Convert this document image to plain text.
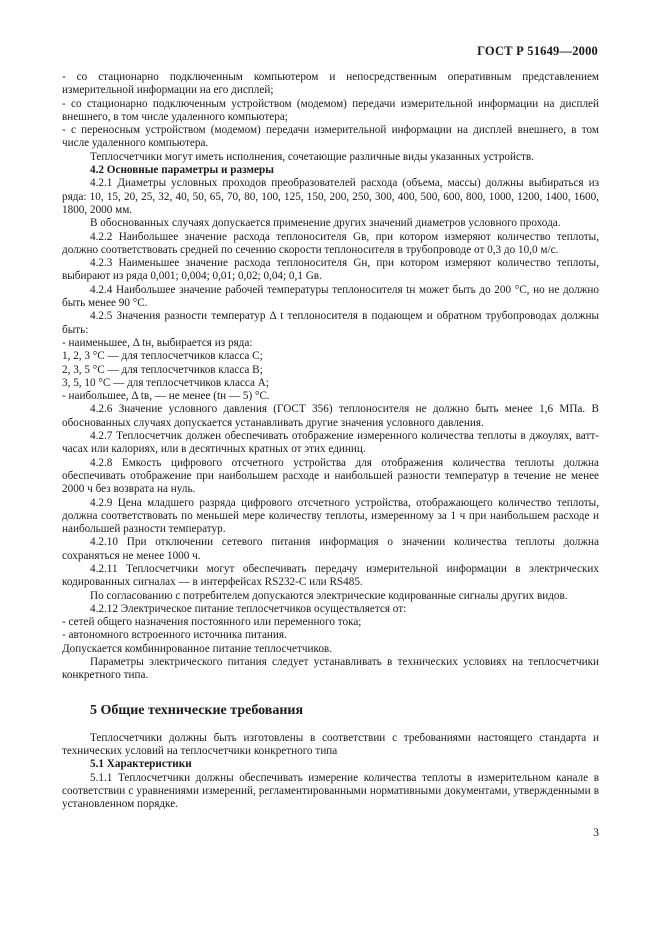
ГОСТ Р 51649—2000

- со стационарно подключенным компьютером и непосредственным оперативным представлением измерительной информации на его дисплей;

- со стационарно подключенным устройством (модемом) передачи измерительной информации на дисплей внешнего, в том числе удаленного компьютера;

- с переносным устройством (модемом) передачи измерительной информации на дисплей внешнего, в том числе удаленного компьютера.

Теплосчетчики могут иметь исполнения, сочетающие различные виды указанных устройств.

4.2 Основные параметры и размеры

4.2.1 Диаметры условных проходов преобразователей расхода (объема, массы) должны выбираться из ряда: 10, 15, 20, 25, 32, 40, 50, 65, 70, 80, 100, 125, 150, 200, 250, 300, 400, 500, 600, 800, 1000, 1200, 1400, 1600, 1800, 2000 мм.

В обоснованных случаях допускается применение других значений диаметров условного прохода.

4.2.2 Наибольшее значение расхода теплоносителя Gв, при котором измеряют количество теплоты, должно соответствовать средней по сечению скорости теплоносителя в трубопроводе от 0,3 до 10,0 м/с.

4.2.3 Наименьшее значение расхода теплоносителя Gн, при котором измеряют количество теплоты, выбирают из ряда 0,001; 0,004; 0,01; 0,02; 0,04; 0,1 Gв.

4.2.4 Наибольшее значение рабочей температуры теплоносителя tн может быть до 200 °С, но не должно быть менее 90 °С.

4.2.5 Значения разности температур Δ t теплоносителя в подающем и обратном трубопроводах должны быть:

- наименьшее, Δ tн, выбирается из ряда:

1, 2, 3 °С — для теплосчетчиков класса С;

2, 3, 5 °С — для теплосчетчиков класса В;

3, 5, 10 °С — для теплосчетчиков класса А;

- наибольшее, Δ tв, — не менее (tн — 5) °С.

4.2.6 Значение условного давления (ГОСТ 356) теплоносителя не должно быть менее 1,6 МПа. В обоснованных случаях допускается устанавливать другие значения условного давления.

4.2.7 Теплосчетчик должен обеспечивать отображение измеренного количества теплоты в джоулях, ватт-часах или калориях, или в десятичных кратных от этих единиц.

4.2.8 Емкость цифрового отсчетного устройства для отображения количества теплоты должна обеспечивать отображение при наибольшем расходе и наибольшей разности температур в течение не менее 2000 ч без возврата на нуль.

4.2.9 Цена младшего разряда цифрового отсчетного устройства, отображающего количество теплоты, должна соответствовать по меньшей мере количеству теплоты, измеренному за 1 ч при наибольшем расходе и наибольшей разности температур.

4.2.10 При отключении сетевого питания информация о значении количества теплоты должна сохраняться не менее 1000 ч.

4.2.11 Теплосчетчики могут обеспечивать передачу измерительной информации в электрических кодированных сигналах — в интерфейсах RS232-C или RS485.

По согласованию с потребителем допускаются электрические кодированные сигналы других видов.

4.2.12 Электрическое питание теплосчетчиков осуществляется от:

- сетей общего назначения постоянного или переменного тока;

- автономного встроенного источника питания.

Допускается комбинированное питание теплосчетчиков.

Параметры электрического питания следует устанавливать в технических условиях на теплосчетчики конкретного типа.

5 Общие технические требования

Теплосчетчики должны быть изготовлены в соответствии с требованиями настоящего стандарта и технических условий на теплосчетчики конкретного типа

5.1 Характеристики

5.1.1 Теплосчетчики должны обеспечивать измерение количества теплоты в измерительном канале в соответствии с уравнениями измерений, регламентированными нормативными документами, утвержденными в установленном порядке.

3
